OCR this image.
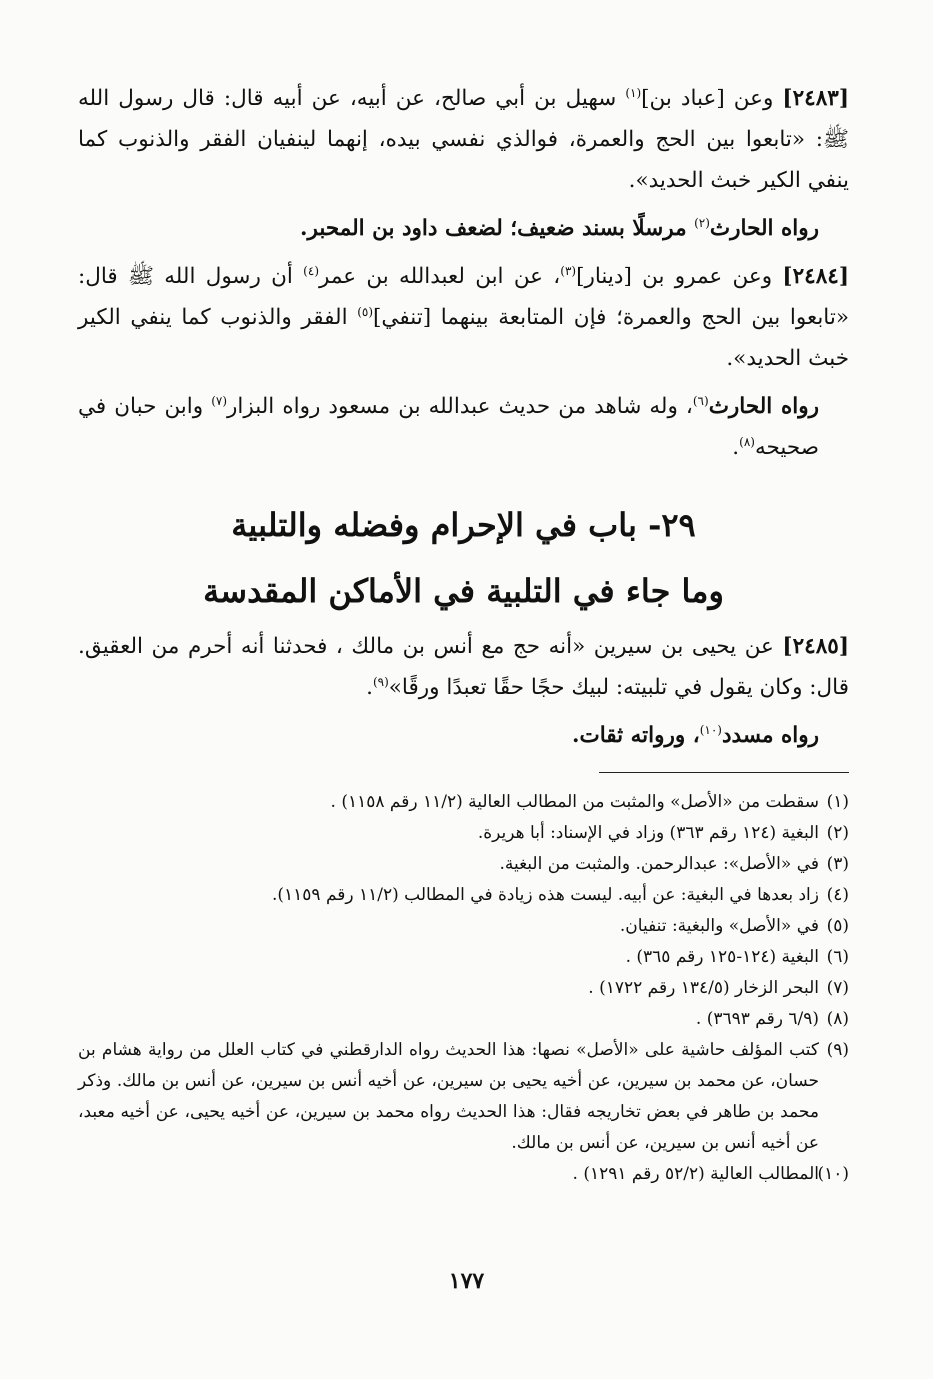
[٢٤٨٣] وعن [عباد بن]$^{(١)}$ سهيل بن أبي صالح، عن أبيه، عن أبيه قال: قال رسول الله ﷺ: «تابعوا بين الحج والعمرة، فوالذي نفسي بيده، إنهما لينفيان الفقر والذنوب كما ينفي الكير خبث الحديد».

رواه الحارث$^{(٢)}$ مرسلًا بسند ضعيف؛ لضعف داود بن المحبر.

[٢٤٨٤] وعن عمرو بن [دينار]$^{(٣)}$، عن ابن لعبدالله بن عمر$^{(٤)}$ أن رسول الله ﷺ قال: «تابعوا بين الحج والعمرة؛ فإن المتابعة بينهما [تنفي]$^{(٥)}$ الفقر والذنوب كما ينفي الكير خبث الحديد».

رواه الحارث$^{(٦)}$، وله شاهد من حديث عبدالله بن مسعود رواه البزار$^{(٧)}$ وابن حبان في صحيحه$^{(٨)}$.

٢٩- باب في الإحرام وفضله والتلبية
وما جاء في التلبية في الأماكن المقدسة

[٢٤٨٥] عن يحيى بن سيرين «أنه حج مع أنس بن مالك ، فحدثنا أنه أحرم من العقيق. قال: وكان يقول في تلبيته: لبيك حجًا حقًا تعبدًا ورقًا»$^{(٩)}$.

رواه مسدد$^{(١٠)}$، ورواته ثقات.

(١)سقطت من «الأصل» والمثبت من المطالب العالية (١١/٢ رقم ١١٥٨) .
(٢)البغية (١٢٤ رقم ٣٦٣) وزاد في الإسناد: أبا هريرة.
(٣)في «الأصل»: عبدالرحمن. والمثبت من البغية.
(٤)زاد بعدها في البغية: عن أبيه. ليست هذه زيادة في المطالب (١١/٢ رقم ١١٥٩).
(٥)في «الأصل» والبغية: تنفيان.
(٦)البغية (١٢٤-١٢٥ رقم ٣٦٥) .
(٧)البحر الزخار (١٣٤/٥ رقم ١٧٢٢) .
(٨)(٦/٩ رقم ٣٦٩٣) .
(٩)كتب المؤلف حاشية على «الأصل» نصها: هذا الحديث رواه الدارقطني في كتاب العلل من رواية هشام بن حسان، عن محمد بن سيرين، عن أخيه يحيى بن سيرين، عن أخيه أنس بن سيرين، عن أنس بن مالك. وذكر محمد بن طاهر في بعض تخاريجه فقال: هذا الحديث رواه محمد بن سيرين، عن أخيه يحيى، عن أخيه معبد، عن أخيه أنس بن سيرين، عن أنس بن مالك.
(١٠)المطالب العالية (٥٢/٢ رقم ١٢٩١) .
١٧٧
